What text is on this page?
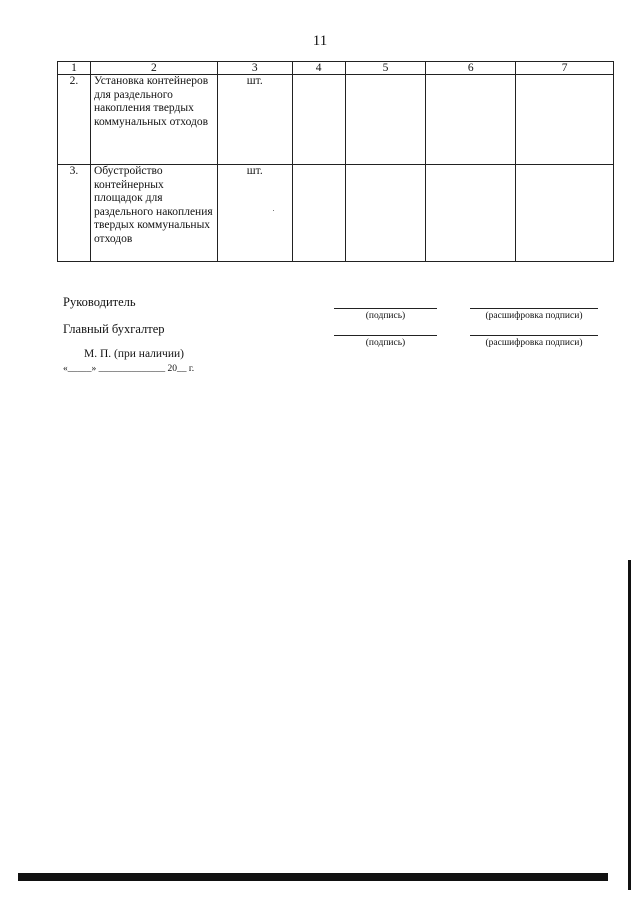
11
1	2	3	4	5	6	7
2.	Установка контейнеров для раздельного накопления твердых коммунальных отходов	шт.				
3.	Обустройство контейнерных площадок для раздельного накопления твердых коммунальных отходов	шт.				
Руководитель
(подпись)	(расшифровка подписи)
Главный бухгалтер
(подпись)	(расшифровка подписи)
М. П. (при наличии)
«_____» ______________ 20__ г.
